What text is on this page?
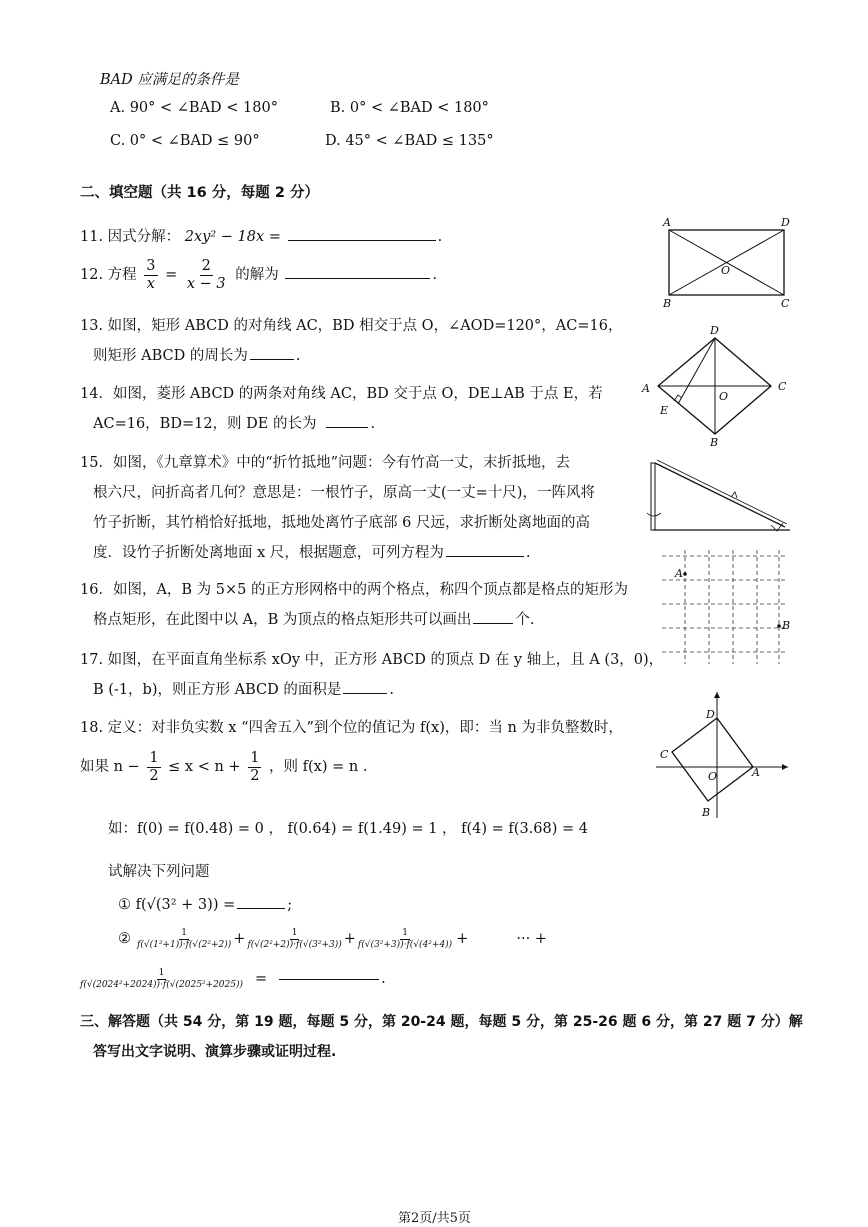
BAD 应满足的条件是
A. 90° < ∠BAD < 180°	B. 0° < ∠BAD < 180°
C. 0° < ∠BAD ≤ 90°	D. 45° < ∠BAD ≤ 135°
二、填空题（共 16 分，每题 2 分）
11. 因式分解： 2xy² − 18x =	.
12. 方程 $\frac{3}{x} = \frac{2}{x - 3}$ 的解为	.
13. 如图，矩形 ABCD 的对角线 AC，BD 相交于点 O，∠AOD=120°，AC=16，
则矩形 ABCD 的周长为	.
14．如图，菱形 ABCD 的两条对角线 AC，BD 交于点 O，DE⊥AB 于点 E，若
AC=16，BD=12，则 DE 的长为	.
15．如图，《九章算术》中的“折竹抵地”问题：今有竹高一丈，末折抵地，去
根六尺，问折高者几何？意思是：一根竹子，原高一丈(一丈=十尺)，一阵风将
竹子折断，其竹梢恰好抵地，抵地处离竹子底部 6 尺远，求折断处离地面的高
度．设竹子折断处离地面 x 尺，根据题意，可列方程为	.
16．如图，A，B 为 5×5 的正方形网格中的两个格点，称四个顶点都是格点的矩形为
格点矩形，在此图中以 A，B 为顶点的格点矩形共可以画出	个.
17. 如图，在平面直角坐标系 xOy 中，正方形 ABCD 的顶点 D 在 y 轴上，且 A (3，0)，
B (-1，b)，则正方形 ABCD 的面积是	.
18. 定义：对非负实数 x “四舍五入”到个位的值记为 f(x)，即：当 n 为非负整数时，
如果 $n - \frac{1}{2} \le x < n + \frac{1}{2}$ ，则 f(x) = n .
如：f(0) = f(0.48) = 0 ， f(0.64) = f(1.49) = 1 ， f(4) = f(3.68) = 4
试解决下列问题
① f(√(3² + 3)) =	;
② $\frac{1}{\text{f(√(1²+1))·f(√(2²+2))}} + \frac{1}{\text{f(√(2²+2))·f(√(3²+3))}} + \frac{1}{\text{f(√(3²+3))·f(√(4²+4))}}$ +	··· +
$\frac{1}{\text{f(√(2024²+2024))·f(√(2025²+2025))}}$ =	.
三、解答题（共 54 分，第 19 题，每题 5 分，第 20-24 题，每题 5 分，第 25-26 题 6 分，第 27 题 7 分）解
答写出文字说明、演算步骤或证明过程.
第2页/共5页
A	D
O
B	C
D
A
O
C
E
B
A
B
D
C
O	A
B
